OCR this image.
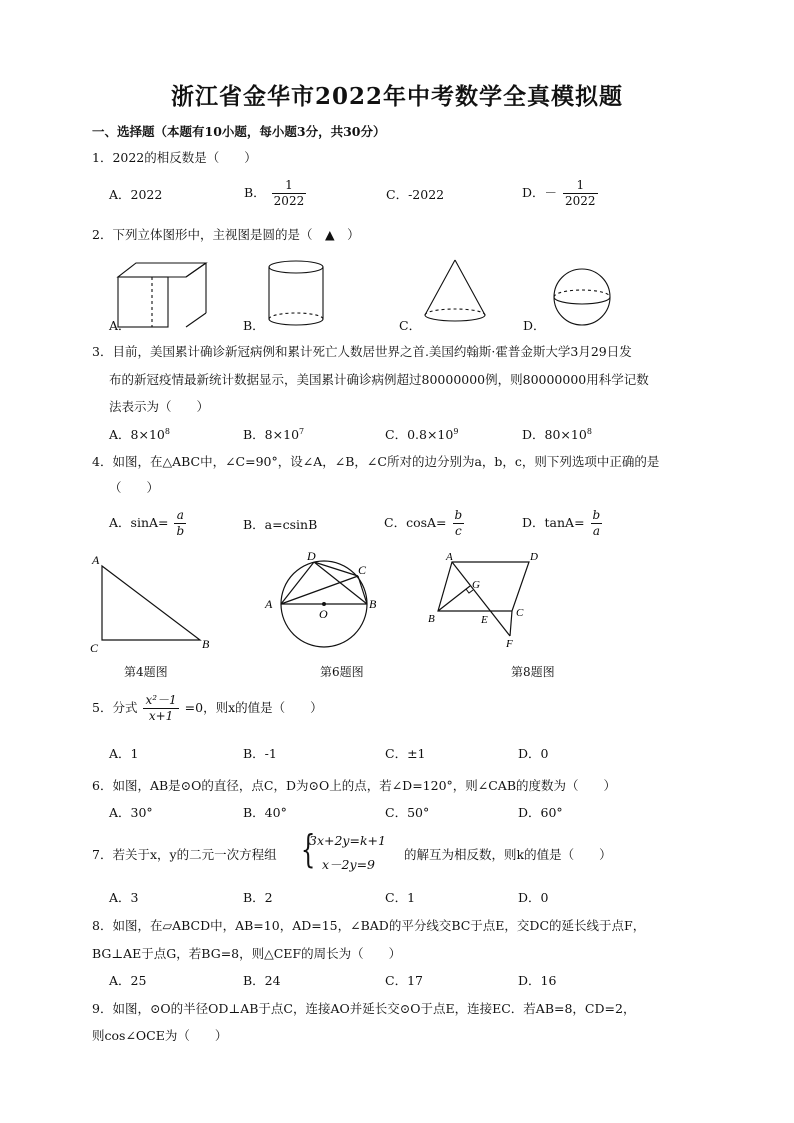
浙江省金华市2022年中考数学全真模拟题
一、选择题（本题有10小题，每小题3分，共30分）
1．2022的相反数是（　　）
A．2022	B． $\frac{1}{2022}$	C．-2022	D．－ $\frac{1}{2022}$
2．下列立体图形中，主视图是圆的是（　▲　）
A．	B．	C．	D．
3．目前，美国累计确诊新冠病例和累计死亡人数居世界之首.美国约翰斯·霍普金斯大学3月29日发
布的新冠疫情最新统计数据显示，美国累计确诊病例超过80000000例，则80000000用科学记数
法表示为（　　）
A．$8\times 10^8$	B．$8\times 10^7$	C．$0.8\times 10^9$	D．$80\times 10^8$
4．如图，在△ABC中，∠C=90°，设∠A，∠B，∠C所对的边分别为a，b，c，则下列选项中正确的是
（　　）
A．$\sin A= \frac{a}{b}$	B．a=csinB	C．$\cos A= \frac{b}{c}$	D．$\tan A= \frac{b}{a}$
A
C	B
第4题图
A	B
C
D
O
第6题图
A	D
B	C
G
E
F
第8题图
5．分式 $\frac{\text{x²－1}}{x+1} =0$，则x的值是（　　）
A．1	B．-1	C．±1	D．0
6．如图，AB是⊙O的直径，点C，D为⊙O上的点，若∠D=120°，则∠CAB的度数为（　　）
A．30°	B．40°	C．50°	D．60°
7．若关于x，y的二元一次方程组 {
3x+2y=k+1
x－2y=9
的解互为相反数，则k的值是（　　）
A．3	B．2	C．1	D．0
8．如图，在▱ABCD中，AB=10，AD=15，∠BAD的平分线交BC于点E，交DC的延长线于点F，
BG⊥AE于点G，若BG=8，则△CEF的周长为（　　）
A．25	B．24	C．17	D．16
9．如图，⊙O的半径OD⊥AB于点C，连接AO并延长交⊙O于点E，连接EC．若AB=8，CD=2，
则cos∠OCE为（　　）
